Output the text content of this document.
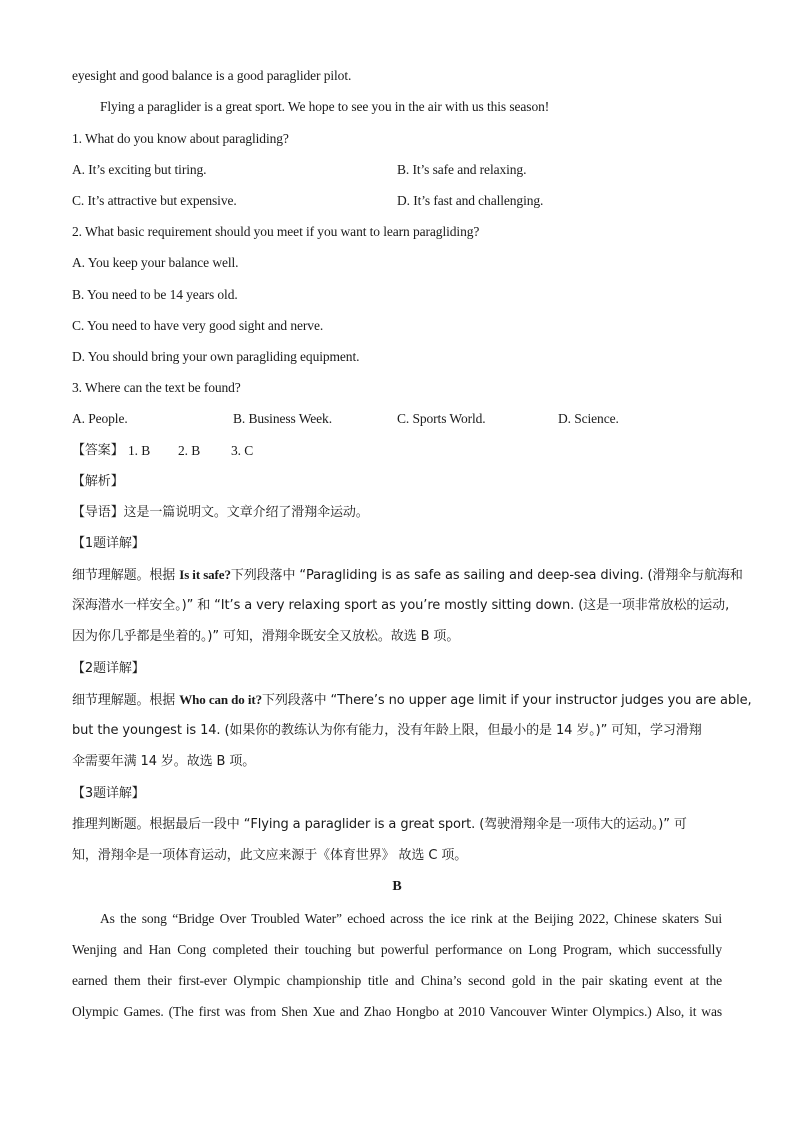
eyesight and good balance is a good paraglider pilot.
Flying a paraglider is a great sport. We hope to see you in the air with us this season!
1. What do you know about paragliding?
A. It’s exciting but tiring.	B. It’s safe and relaxing.
C. It’s attractive but expensive.	D. It’s fast and challenging.
2. What basic requirement should you meet if you want to learn paragliding?
A. You keep your balance well.
B. You need to be 14 years old.
C. You need to have very good sight and nerve.
D. You should bring your own paragliding equipment.
3. Where can the text be found?
A. People.	B. Business Week.	C. Sports World.	D. Science.
【答案】 1. B 2. B 3. C
【解析】
【导语】这是一篇说明文。文章介绍了滑翔伞运动。
【1题详解】
细节理解题。根据 Is it safe?下列段落中 “Paragliding is as safe as sailing and deep-sea diving. (滑翔伞与航海和
深海潜水一样安全。)” 和 “It’s a very relaxing sport as you’re mostly sitting down. (这是一项非常放松的运动,
因为你几乎都是坐着的。)” 可知，滑翔伞既安全又放松。故选 B 项。
【2题详解】
细节理解题。根据 Who can do it?下列段落中 “There’s no upper age limit if your instructor judges you are able,
but the youngest is 14. (如果你的教练认为你有能力，没有年龄上限，但最小的是 14 岁。)” 可知，学习滑翔
伞需要年满 14 岁。故选 B 项。
【3题详解】
推理判断题。根据最后一段中 “Flying a paraglider is a great sport. (驾驶滑翔伞是一项伟大的运动。)” 可
知，滑翔伞是一项体育运动，此文应来源于《体育世界》 故选 C 项。
B
As the song “Bridge Over Troubled Water” echoed across the ice rink at the Beijing 2022, Chinese skaters Sui
Wenjing and Han Cong completed their touching but powerful performance on Long Program, which successfully
earned them their first-ever Olympic championship title and China’s second gold in the pair skating event at the
Olympic Games. (The first was from Shen Xue and Zhao Hongbo at 2010 Vancouver Winter Olympics.) Also, it was
